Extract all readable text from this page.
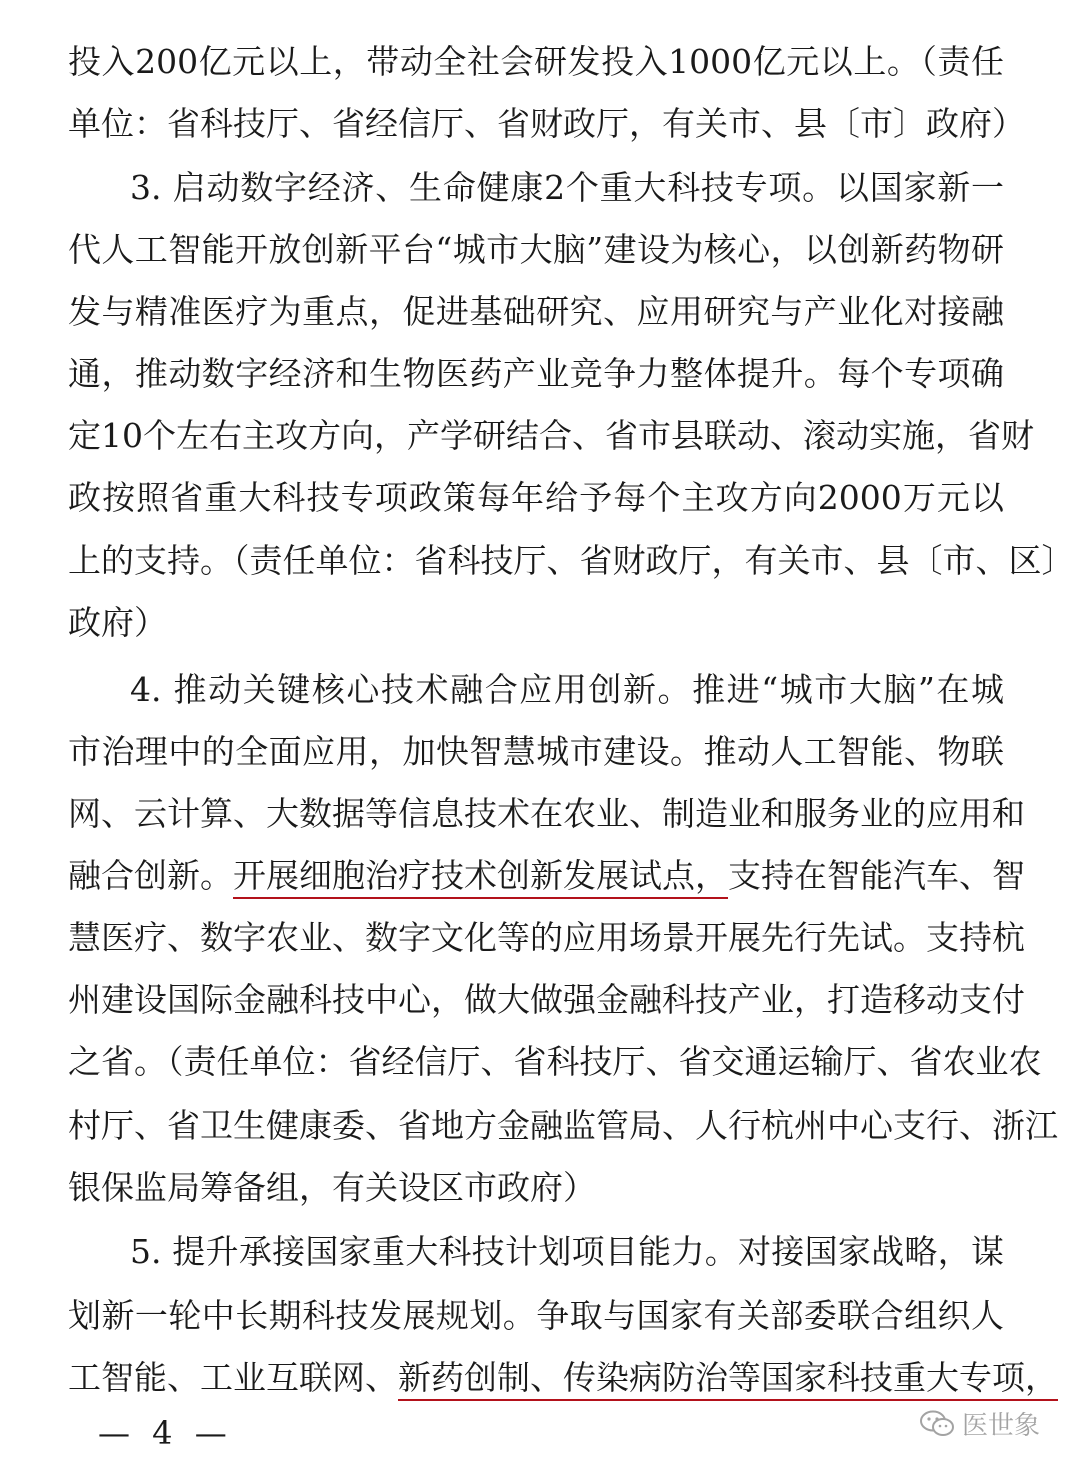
投入200亿元以上，带动全社会研发投入1000亿元以上。（责任
单位：省科技厅、省经信厅、省财政厅，有关市、县〔市〕政府）
3. 启动数字经济、生命健康2个重大科技专项。以国家新一
代人工智能开放创新平台“城市大脑”建设为核心，以创新药物研
发与精准医疗为重点，促进基础研究、应用研究与产业化对接融
通，推动数字经济和生物医药产业竞争力整体提升。每个专项确
定10个左右主攻方向，产学研结合、省市县联动、滚动实施，省财
政按照省重大科技专项政策每年给予每个主攻方向2000万元以
上的支持。（责任单位：省科技厅、省财政厅，有关市、县〔市、区〕
政府）
4. 推动关键核心技术融合应用创新。推进“城市大脑”在城
市治理中的全面应用，加快智慧城市建设。推动人工智能、物联
网、云计算、大数据等信息技术在农业、制造业和服务业的应用和
融合创新。开展细胞治疗技术创新发展试点，支持在智能汽车、智
慧医疗、数字农业、数字文化等的应用场景开展先行先试。支持杭
州建设国际金融科技中心，做大做强金融科技产业，打造移动支付
之省。（责任单位：省经信厅、省科技厅、省交通运输厅、省农业农
村厅、省卫生健康委、省地方金融监管局、人行杭州中心支行、浙江
银保监局筹备组，有关设区市政府）
5. 提升承接国家重大科技计划项目能力。对接国家战略，谋
划新一轮中长期科技发展规划。争取与国家有关部委联合组织人
工智能、工业互联网、新药创制、传染病防治等国家科技重大专项，
— 4 —	医世象
